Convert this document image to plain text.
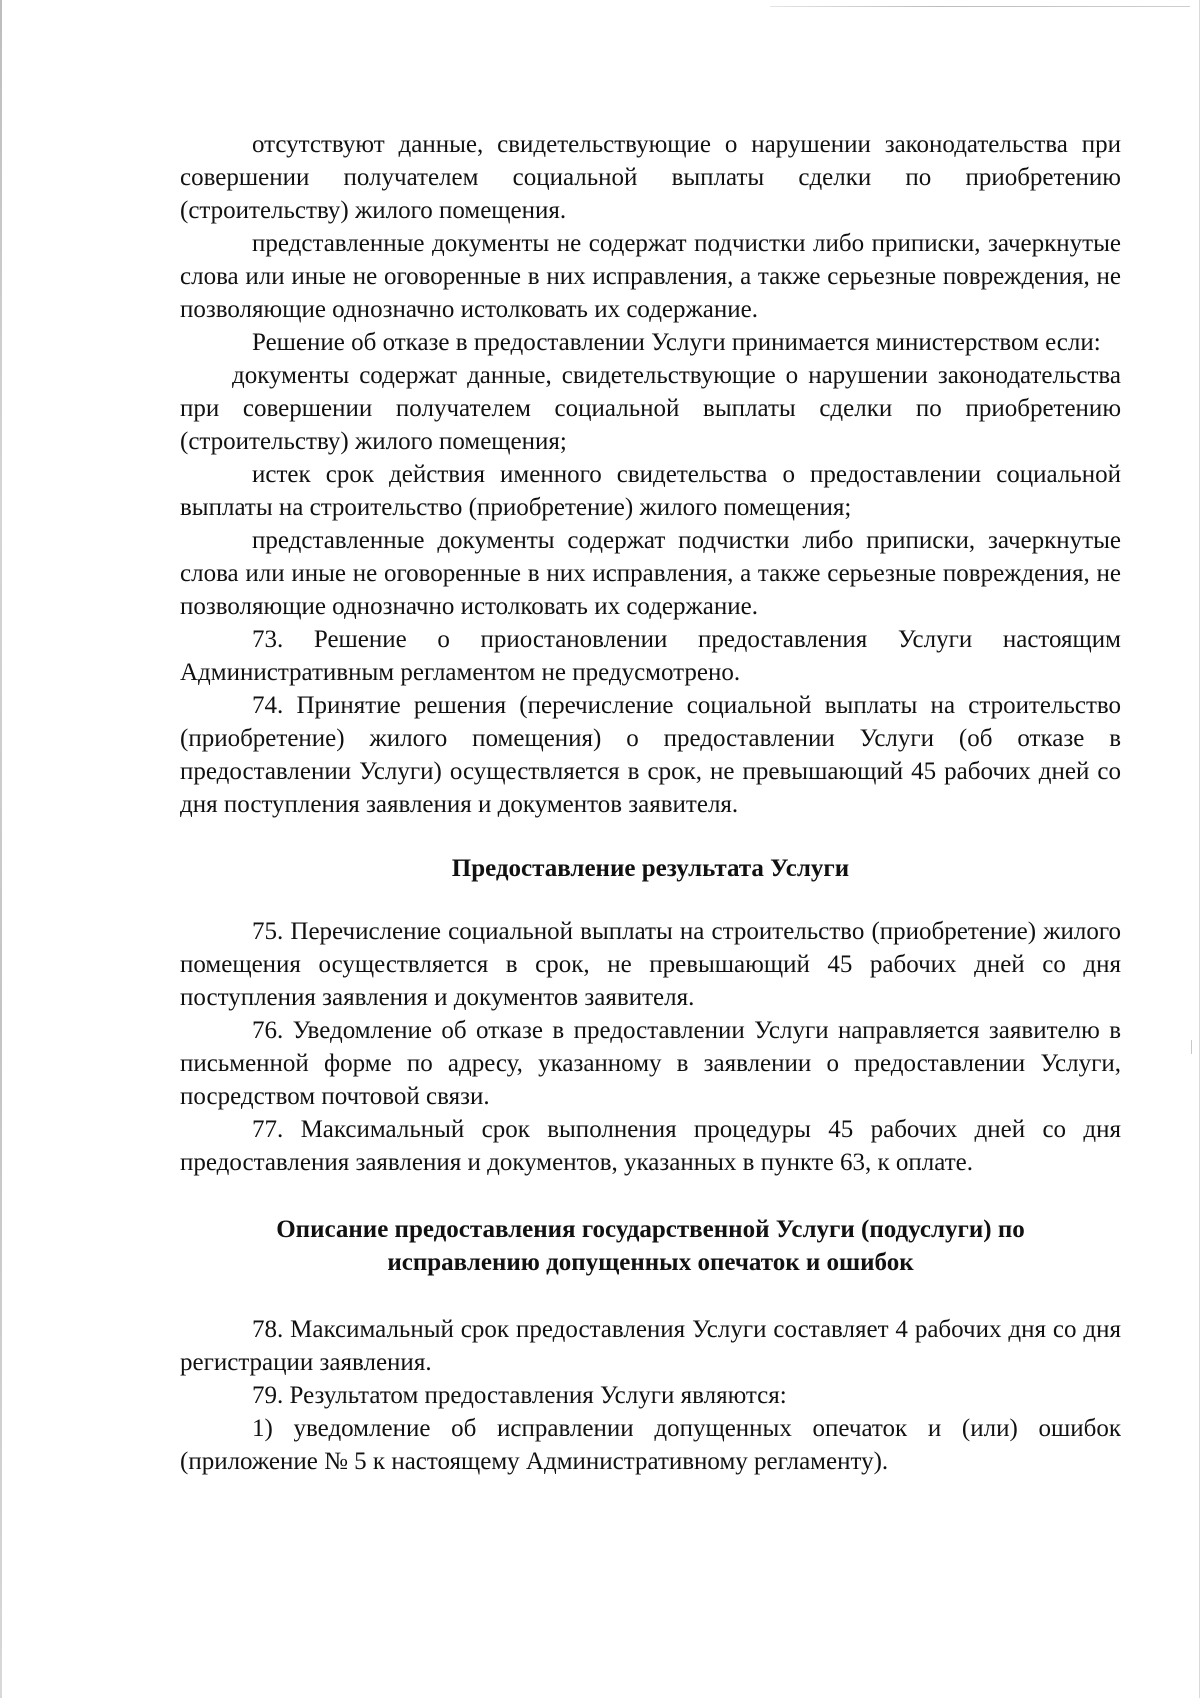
отсутствуют данные, свидетельствующие о нарушении законодательства при совершении получателем социальной выплаты сделки по приобретению (строительству) жилого помещения.

представленные документы не содержат подчистки либо приписки, зачеркнутые слова или иные не оговоренные в них исправления, а также серьезные повреждения, не позволяющие однозначно истолковать их содержание.

Решение об отказе в предоставлении Услуги принимается министерством если:

документы содержат данные, свидетельствующие о нарушении законодательства при совершении получателем социальной выплаты сделки по приобретению (строительству) жилого помещения;

истек срок действия именного свидетельства о предоставлении социальной выплаты на строительство (приобретение) жилого помещения;

представленные документы содержат подчистки либо приписки, зачеркнутые слова или иные не оговоренные в них исправления, а также серьезные повреждения, не позволяющие однозначно истолковать их содержание.

73. Решение о приостановлении предоставления Услуги настоящим Административным регламентом не предусмотрено.

74. Принятие решения (перечисление социальной выплаты на строительство (приобретение) жилого помещения) о предоставлении Услуги (об отказе в предоставлении Услуги) осуществляется в срок, не превышающий 45 рабочих дней со дня поступления заявления и документов заявителя.

Предоставление результата Услуги

75. Перечисление социальной выплаты на строительство (приобретение) жилого помещения осуществляется в срок, не превышающий 45 рабочих дней со дня поступления заявления и документов заявителя.

76. Уведомление об отказе в предоставлении Услуги направляется заявителю в письменной форме по адресу, указанному в заявлении о предоставлении Услуги, посредством почтовой связи.

77. Максимальный срок выполнения процедуры 45 рабочих дней со дня предоставления заявления и документов, указанных в пункте 63, к оплате.

Описание предоставления государственной Услуги (подуслуги) по
исправлению допущенных опечаток и ошибок

78. Максимальный срок предоставления Услуги составляет 4 рабочих дня со дня регистрации заявления.

79. Результатом предоставления Услуги являются:

1) уведомление об исправлении допущенных опечаток и (или) ошибок (приложение № 5 к настоящему Административному регламенту).
